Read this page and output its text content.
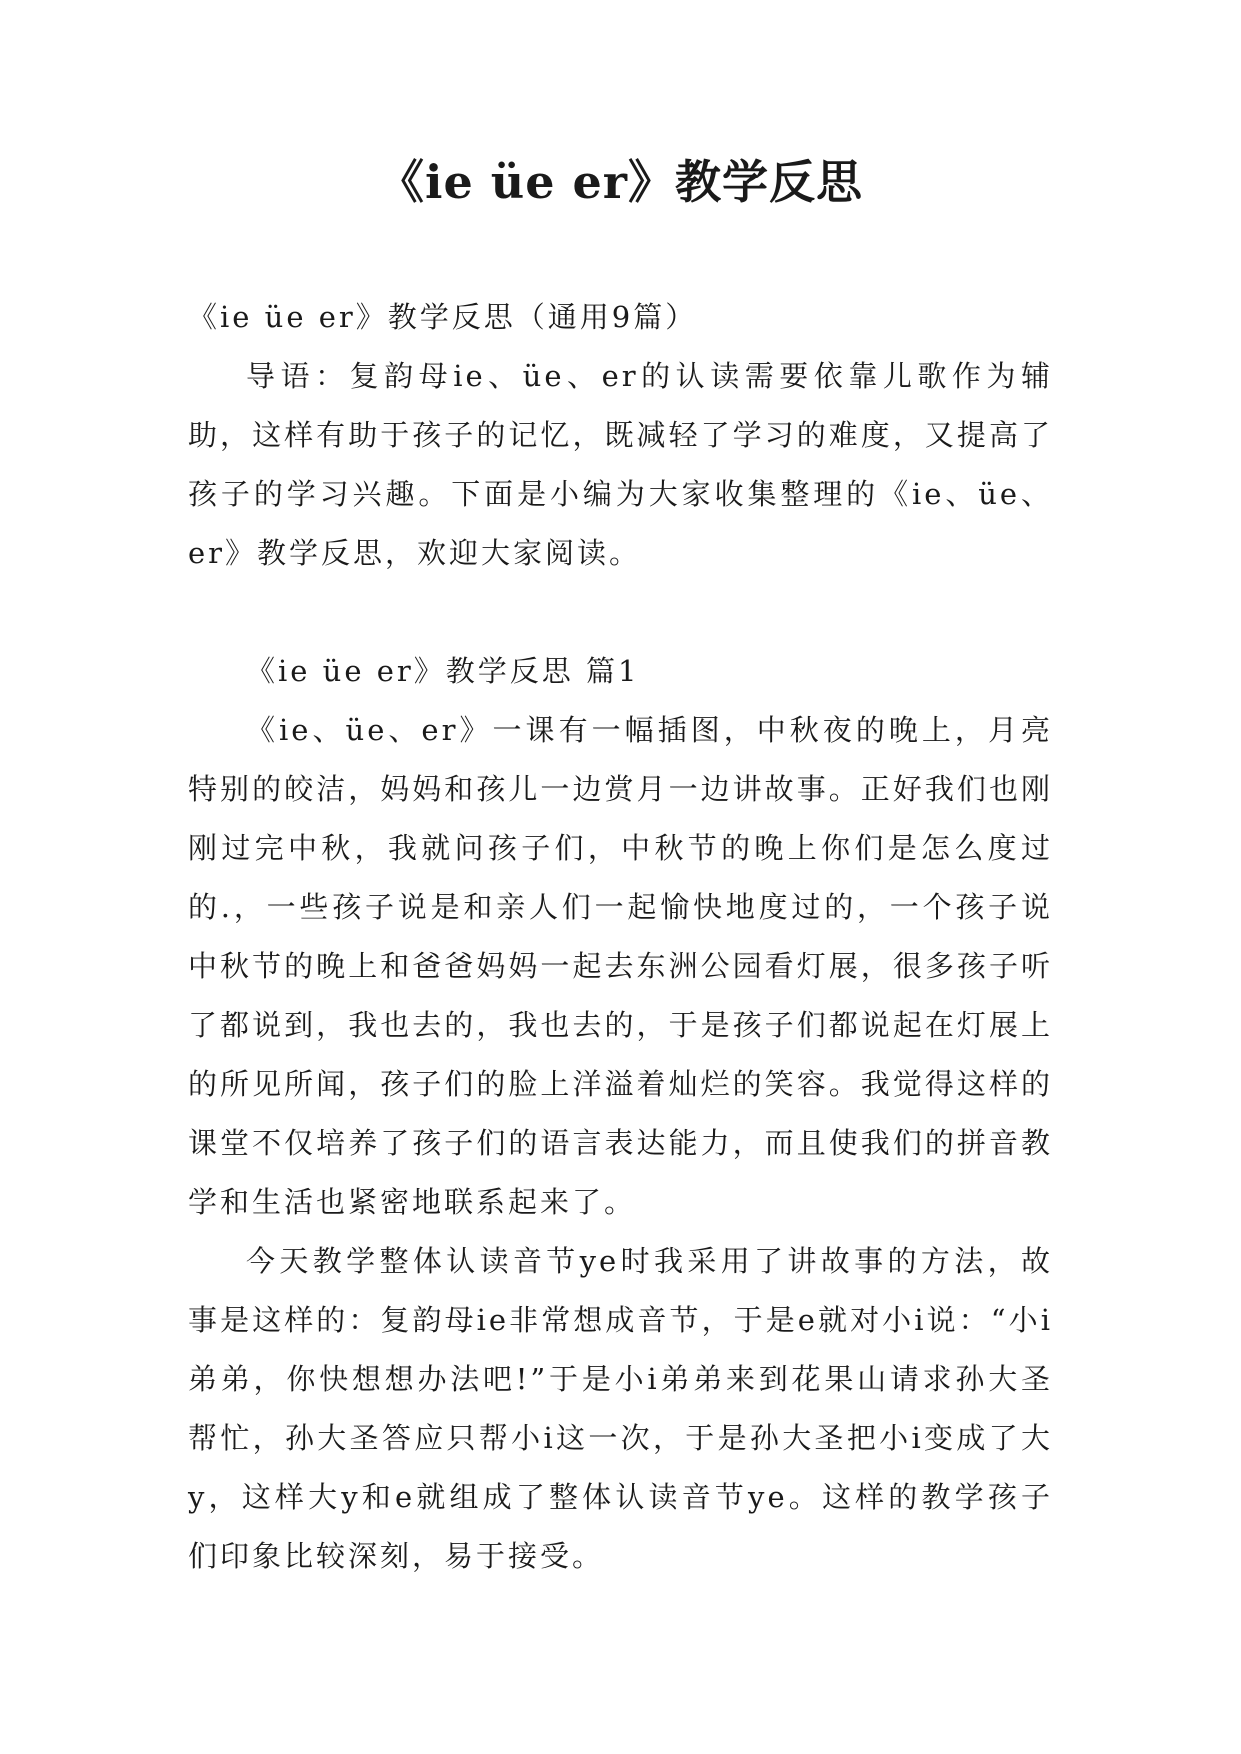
《ie üe er》教学反思

《ie üe er》教学反思（通用9篇）

导语：复韵母ie、üe、er的认读需要依靠儿歌作为辅助，这样有助于孩子的记忆，既减轻了学习的难度，又提高了孩子的学习兴趣。下面是小编为大家收集整理的《ie、üe、er》教学反思，欢迎大家阅读。

《ie üe er》教学反思 篇1

《ie、üe、er》一课有一幅插图，中秋夜的晚上，月亮特别的皎洁，妈妈和孩儿一边赏月一边讲故事。正好我们也刚刚过完中秋，我就问孩子们，中秋节的晚上你们是怎么度过的.，一些孩子说是和亲人们一起愉快地度过的，一个孩子说中秋节的晚上和爸爸妈妈一起去东洲公园看灯展，很多孩子听了都说到，我也去的，我也去的，于是孩子们都说起在灯展上的所见所闻，孩子们的脸上洋溢着灿烂的笑容。我觉得这样的课堂不仅培养了孩子们的语言表达能力，而且使我们的拼音教学和生活也紧密地联系起来了。

今天教学整体认读音节ye时我采用了讲故事的方法，故事是这样的：复韵母ie非常想成音节，于是e就对小i说：“小i弟弟，你快想想办法吧!”于是小i弟弟来到花果山请求孙大圣帮忙，孙大圣答应只帮小i这一次，于是孙大圣把小i变成了大y，这样大y和e就组成了整体认读音节ye。这样的教学孩子们印象比较深刻，易于接受。
